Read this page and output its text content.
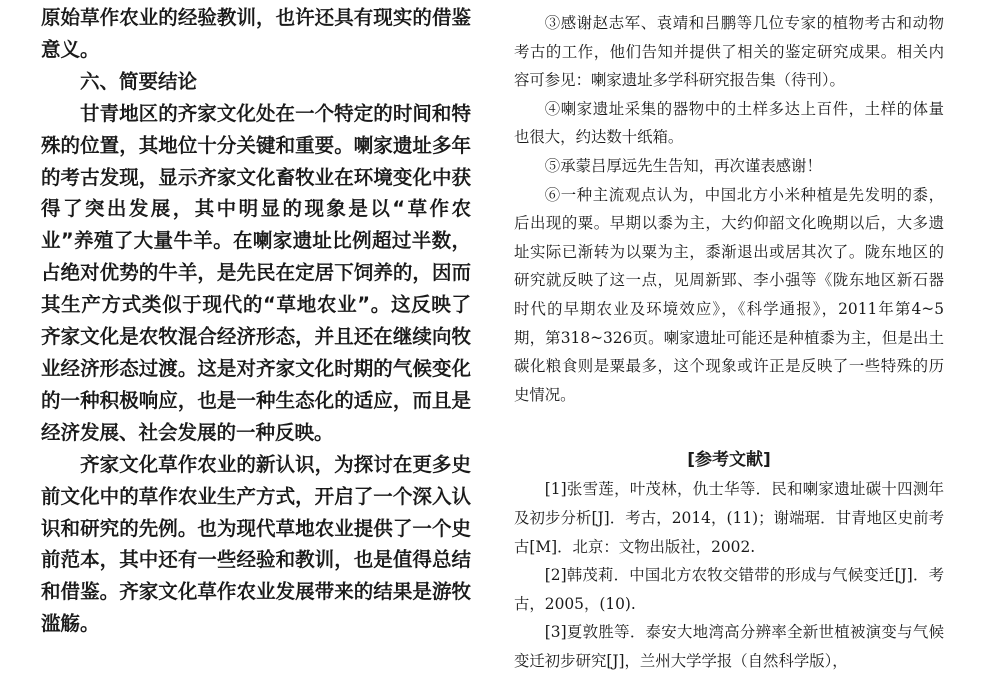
原始草作农业的经验教训，也许还具有现实的借鉴意义。

六、简要结论

甘青地区的齐家文化处在一个特定的时间和特殊的位置，其地位十分关键和重要。喇家遗址多年的考古发现，显示齐家文化畜牧业在环境变化中获得了突出发展，其中明显的现象是以“草作农业”养殖了大量牛羊。在喇家遗址比例超过半数，占绝对优势的牛羊，是先民在定居下饲养的，因而其生产方式类似于现代的“草地农业”。这反映了齐家文化是农牧混合经济形态，并且还在继续向牧业经济形态过渡。这是对齐家文化时期的气候变化的一种积极响应，也是一种生态化的适应，而且是经济发展、社会发展的一种反映。

齐家文化草作农业的新认识，为探讨在更多史前文化中的草作农业生产方式，开启了一个深入认识和研究的先例。也为现代草地农业提供了一个史前范本，其中还有一些经验和教训，也是值得总结和借鉴。齐家文化草作农业发展带来的结果是游牧滥觞。

③感谢赵志军、袁靖和吕鹏等几位专家的植物考古和动物考古的工作，他们告知并提供了相关的鉴定研究成果。相关内容可参见：喇家遗址多学科研究报告集（待刊）。

④喇家遗址采集的器物中的土样多达上百件，土样的体量也很大，约达数十纸箱。

⑤承蒙吕厚远先生告知，再次谨表感谢！

⑥一种主流观点认为，中国北方小米种植是先发明的黍，后出现的粟。早期以黍为主，大约仰韶文化晚期以后，大多遗址实际已渐转为以粟为主，黍渐退出或居其次了。陇东地区的研究就反映了这一点，见周新郢、李小强等《陇东地区新石器时代的早期农业及环境效应》，《科学通报》，2011年第4~5期，第318~326页。喇家遗址可能还是种植黍为主，但是出土碳化粮食则是粟最多，这个现象或许正是反映了一些特殊的历史情况。

[参考文献]

[1]张雪莲，叶茂林，仇士华等．民和喇家遗址碳十四测年及初步分析[J]．考古，2014，(11)；谢端琚．甘青地区史前考古[M]．北京：文物出版社，2002.

[2]韩茂莉．中国北方农牧交错带的形成与气候变迁[J]．考古，2005，(10).

[3]夏敦胜等．泰安大地湾高分辨率全新世植被演变与气候变迁初步研究[J]，兰州大学学报（自然科学版），
